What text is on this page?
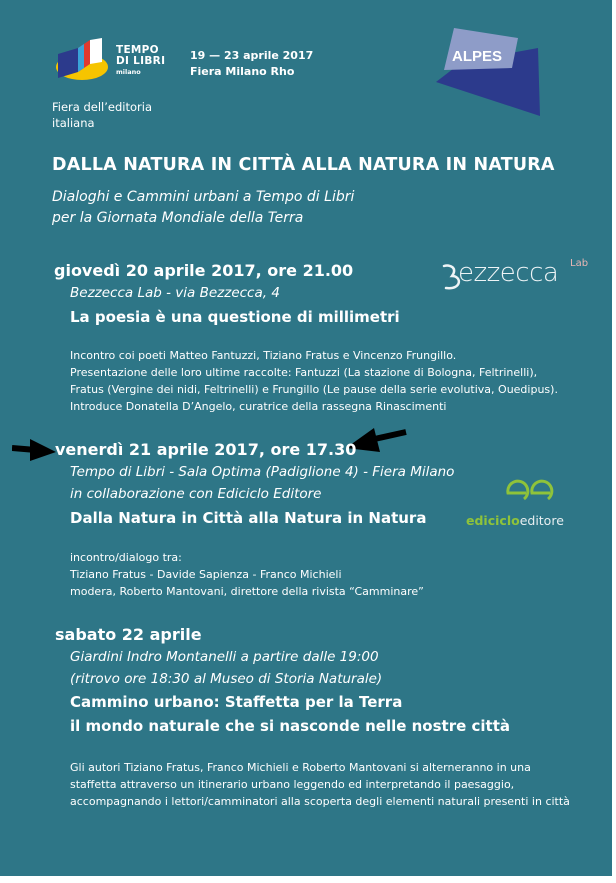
TEMPO
DI LIBRI
milano
19 — 23 aprile 2017
Fiera Milano Rho
Fiera dell’editoria
italiana
ALPES
DALLA NATURA IN CITTÀ ALLA NATURA IN NATURA
Dialoghi e Cammini urbani a Tempo di Libri
per la Giornata Mondiale della Terra
giovedì 20 aprile 2017, ore 21.00
Bezzecca Lab - via Bezzecca, 4
La poesia è una questione di millimetri
Incontro coi poeti Matteo Fantuzzi, Tiziano Fratus e Vincenzo Frungillo.
Presentazione delle loro ultime raccolte: Fantuzzi (La stazione di Bologna, Feltrinelli),
Fratus (Vergine dei nidi, Feltrinelli) e Frungillo (Le pause della serie evolutiva, Ouedipus).
Introduce Donatella D’Angelo, curatrice della rassegna Rinascimenti
ezzecca Lab
venerdì 21 aprile 2017, ore 17.30
Tempo di Libri - Sala Optima (Padiglione 4) - Fiera Milano
in collaborazione con Ediciclo Editore
Dalla Natura in Città alla Natura in Natura
incontro/dialogo tra:
Tiziano Fratus - Davide Sapienza - Franco Michieli
modera, Roberto Mantovani, direttore della rivista “Camminare”
edicicloeditore
sabato 22 aprile
Giardini Indro Montanelli a partire dalle 19:00
(ritrovo ore 18:30 al Museo di Storia Naturale)
Cammino urbano: Staffetta per la Terra
il mondo naturale che si nasconde nelle nostre città
Gli autori Tiziano Fratus, Franco Michieli e Roberto Mantovani si alterneranno in una
staffetta attraverso un itinerario urbano leggendo ed interpretando il paesaggio,
accompagnando i lettori/camminatori alla scoperta degli elementi naturali presenti in città
